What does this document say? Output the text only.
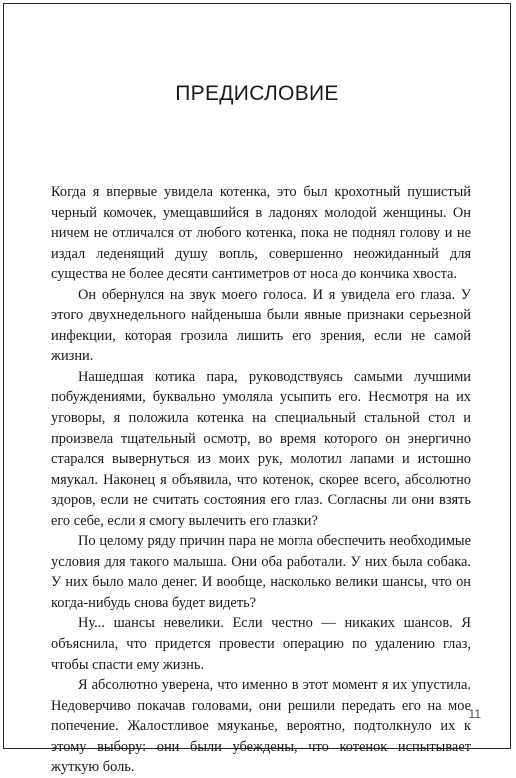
ПРЕДИСЛОВИЕ

Когда я впервые увидела котенка, это был крохотный пушистый черный комочек, умещавшийся в ладонях молодой женщины. Он ничем не отличался от любого котенка, пока не поднял голову и не издал леденящий душу вопль, совершенно неожиданный для существа не более десяти сантиметров от носа до кончика хвоста.

Он обернулся на звук моего голоса. И я увидела его глаза. У этого двухнедельного найденыша были явные признаки серьезной инфекции, которая грозила лишить его зрения, если не самой жизни.

Нашедшая котика пара, руководствуясь самыми лучшими побуждениями, буквально умоляла усыпить его. Несмотря на их уговоры, я положила котенка на специальный стальной стол и произвела тщательный осмотр, во время которого он энергично старался вывернуться из моих рук, молотил лапами и истошно мяукал. Наконец я объявила, что котенок, скорее всего, абсолютно здоров, если не считать состояния его глаз. Согласны ли они взять его себе, если я смогу вылечить его глазки?

По целому ряду причин пара не могла обеспечить необходимые условия для такого малыша. Они оба работали. У них была собака. У них было мало денег. И вообще, насколько велики шансы, что он когда-нибудь снова будет видеть?

Ну... шансы невелики. Если честно — никаких шансов. Я объяснила, что придется провести операцию по удалению глаз, чтобы спасти ему жизнь.

Я абсолютно уверена, что именно в этот момент я их упустила. Недоверчиво покачав головами, они решили передать его на мое попечение. Жалостливое мяуканье, вероятно, подтолкнуло их к этому выбору: они были убеждены, что котенок испытывает жуткую боль.

11
